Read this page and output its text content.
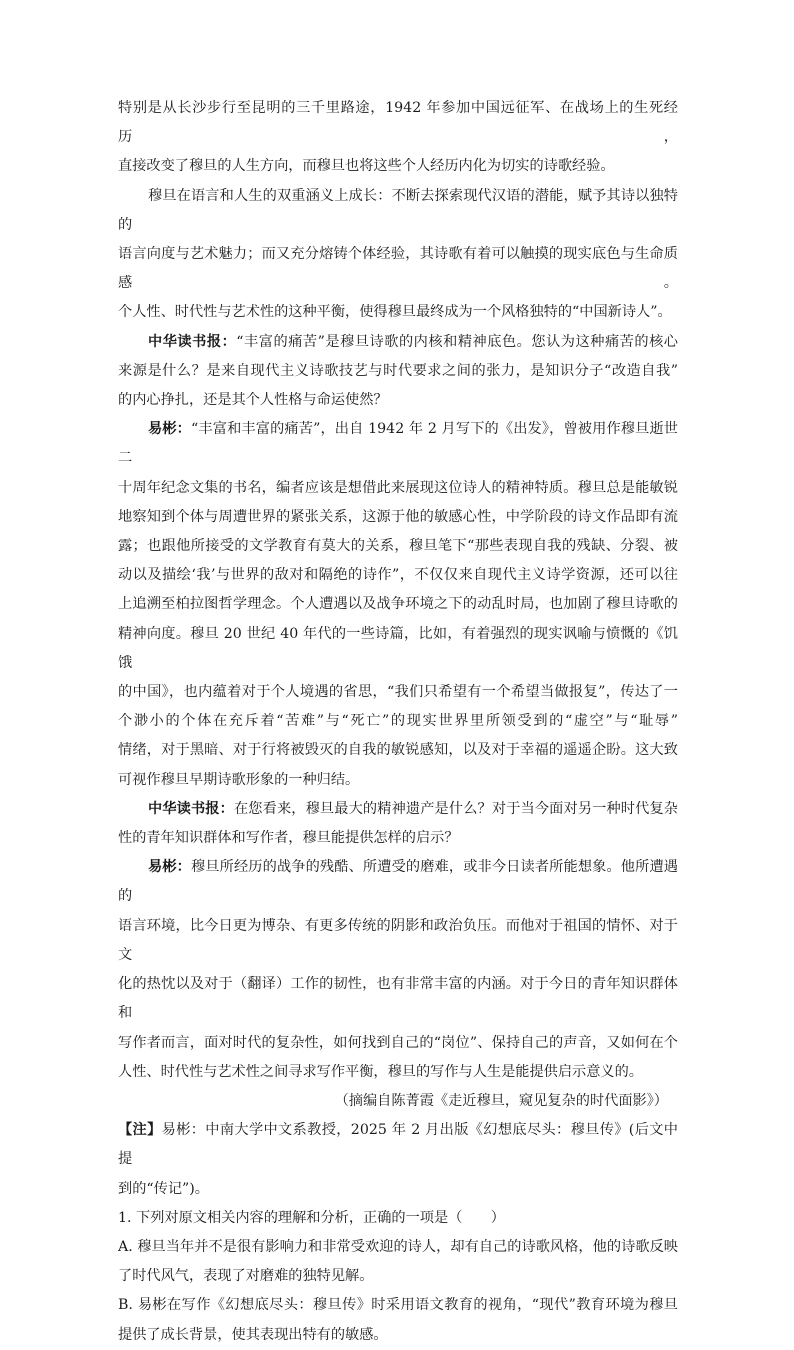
特别是从长沙步行至昆明的三千里路途，1942 年参加中国远征军、在战场上的生死经历，

直接改变了穆旦的人生方向，而穆旦也将这些个人经历内化为切实的诗歌经验。

穆旦在语言和人生的双重涵义上成长：不断去探索现代汉语的潜能，赋予其诗以独特的

语言向度与艺术魅力；而又充分熔铸个体经验，其诗歌有着可以触摸的现实底色与生命质感。

个人性、时代性与艺术性的这种平衡，使得穆旦最终成为一个风格独特的“中国新诗人”。

中华读书报：“丰富的痛苦”是穆旦诗歌的内核和精神底色。您认为这种痛苦的核心

来源是什么？是来自现代主义诗歌技艺与时代要求之间的张力，是知识分子“改造自我”

的内心挣扎，还是其个人性格与命运使然？

易彬：“丰富和丰富的痛苦”，出自 1942 年 2 月写下的《出发》，曾被用作穆旦逝世二

十周年纪念文集的书名，编者应该是想借此来展现这位诗人的精神特质。穆旦总是能敏锐

地察知到个体与周遭世界的紧张关系，这源于他的敏感心性，中学阶段的诗文作品即有流

露；也跟他所接受的文学教育有莫大的关系，穆旦笔下“那些表现自我的残缺、分裂、被

动以及描绘‘我’与世界的敌对和隔绝的诗作”，不仅仅来自现代主义诗学资源，还可以往

上追溯至柏拉图哲学理念。个人遭遇以及战争环境之下的动乱时局，也加剧了穆旦诗歌的

精神向度。穆旦 20 世纪 40 年代的一些诗篇，比如，有着强烈的现实讽喻与愤慨的《饥饿

的中国》，也内蕴着对于个人境遇的省思，“我们只希望有一个希望当做报复”，传达了一

个渺小的个体在充斥着“苦难”与“死亡”的现实世界里所领受到的“虚空”与“耻辱”

情绪，对于黑暗、对于行将被毁灭的自我的敏锐感知，以及对于幸福的遥遥企盼。这大致

可视作穆旦早期诗歌形象的一种归结。

中华读书报：在您看来，穆旦最大的精神遗产是什么？对于当今面对另一种时代复杂

性的青年知识群体和写作者，穆旦能提供怎样的启示？

易彬：穆旦所经历的战争的残酷、所遭受的磨难，或非今日读者所能想象。他所遭遇的

语言环境，比今日更为博杂、有更多传统的阴影和政治负压。而他对于祖国的情怀、对于文

化的热忱以及对于（翻译）工作的韧性，也有非常丰富的内涵。对于今日的青年知识群体和

写作者而言，面对时代的复杂性，如何找到自己的“岗位”、保持自己的声音，又如何在个

人性、时代性与艺术性之间寻求写作平衡，穆旦的写作与人生是能提供启示意义的。

（摘编自陈菁霞《走近穆旦，窥见复杂的时代面影》）

【注】易彬：中南大学中文系教授，2025 年 2 月出版《幻想底尽头：穆旦传》(后文中提

到的“传记”)。

1. 下列对原文相关内容的理解和分析，正确的一项是（　　）

A. 穆旦当年并不是很有影响力和非常受欢迎的诗人，却有自己的诗歌风格，他的诗歌反映

了时代风气，表现了对磨难的独特见解。

B. 易彬在写作《幻想底尽头：穆旦传》时采用语文教育的视角，“现代”教育环境为穆旦

提供了成长背景，使其表现出特有的敏感。
